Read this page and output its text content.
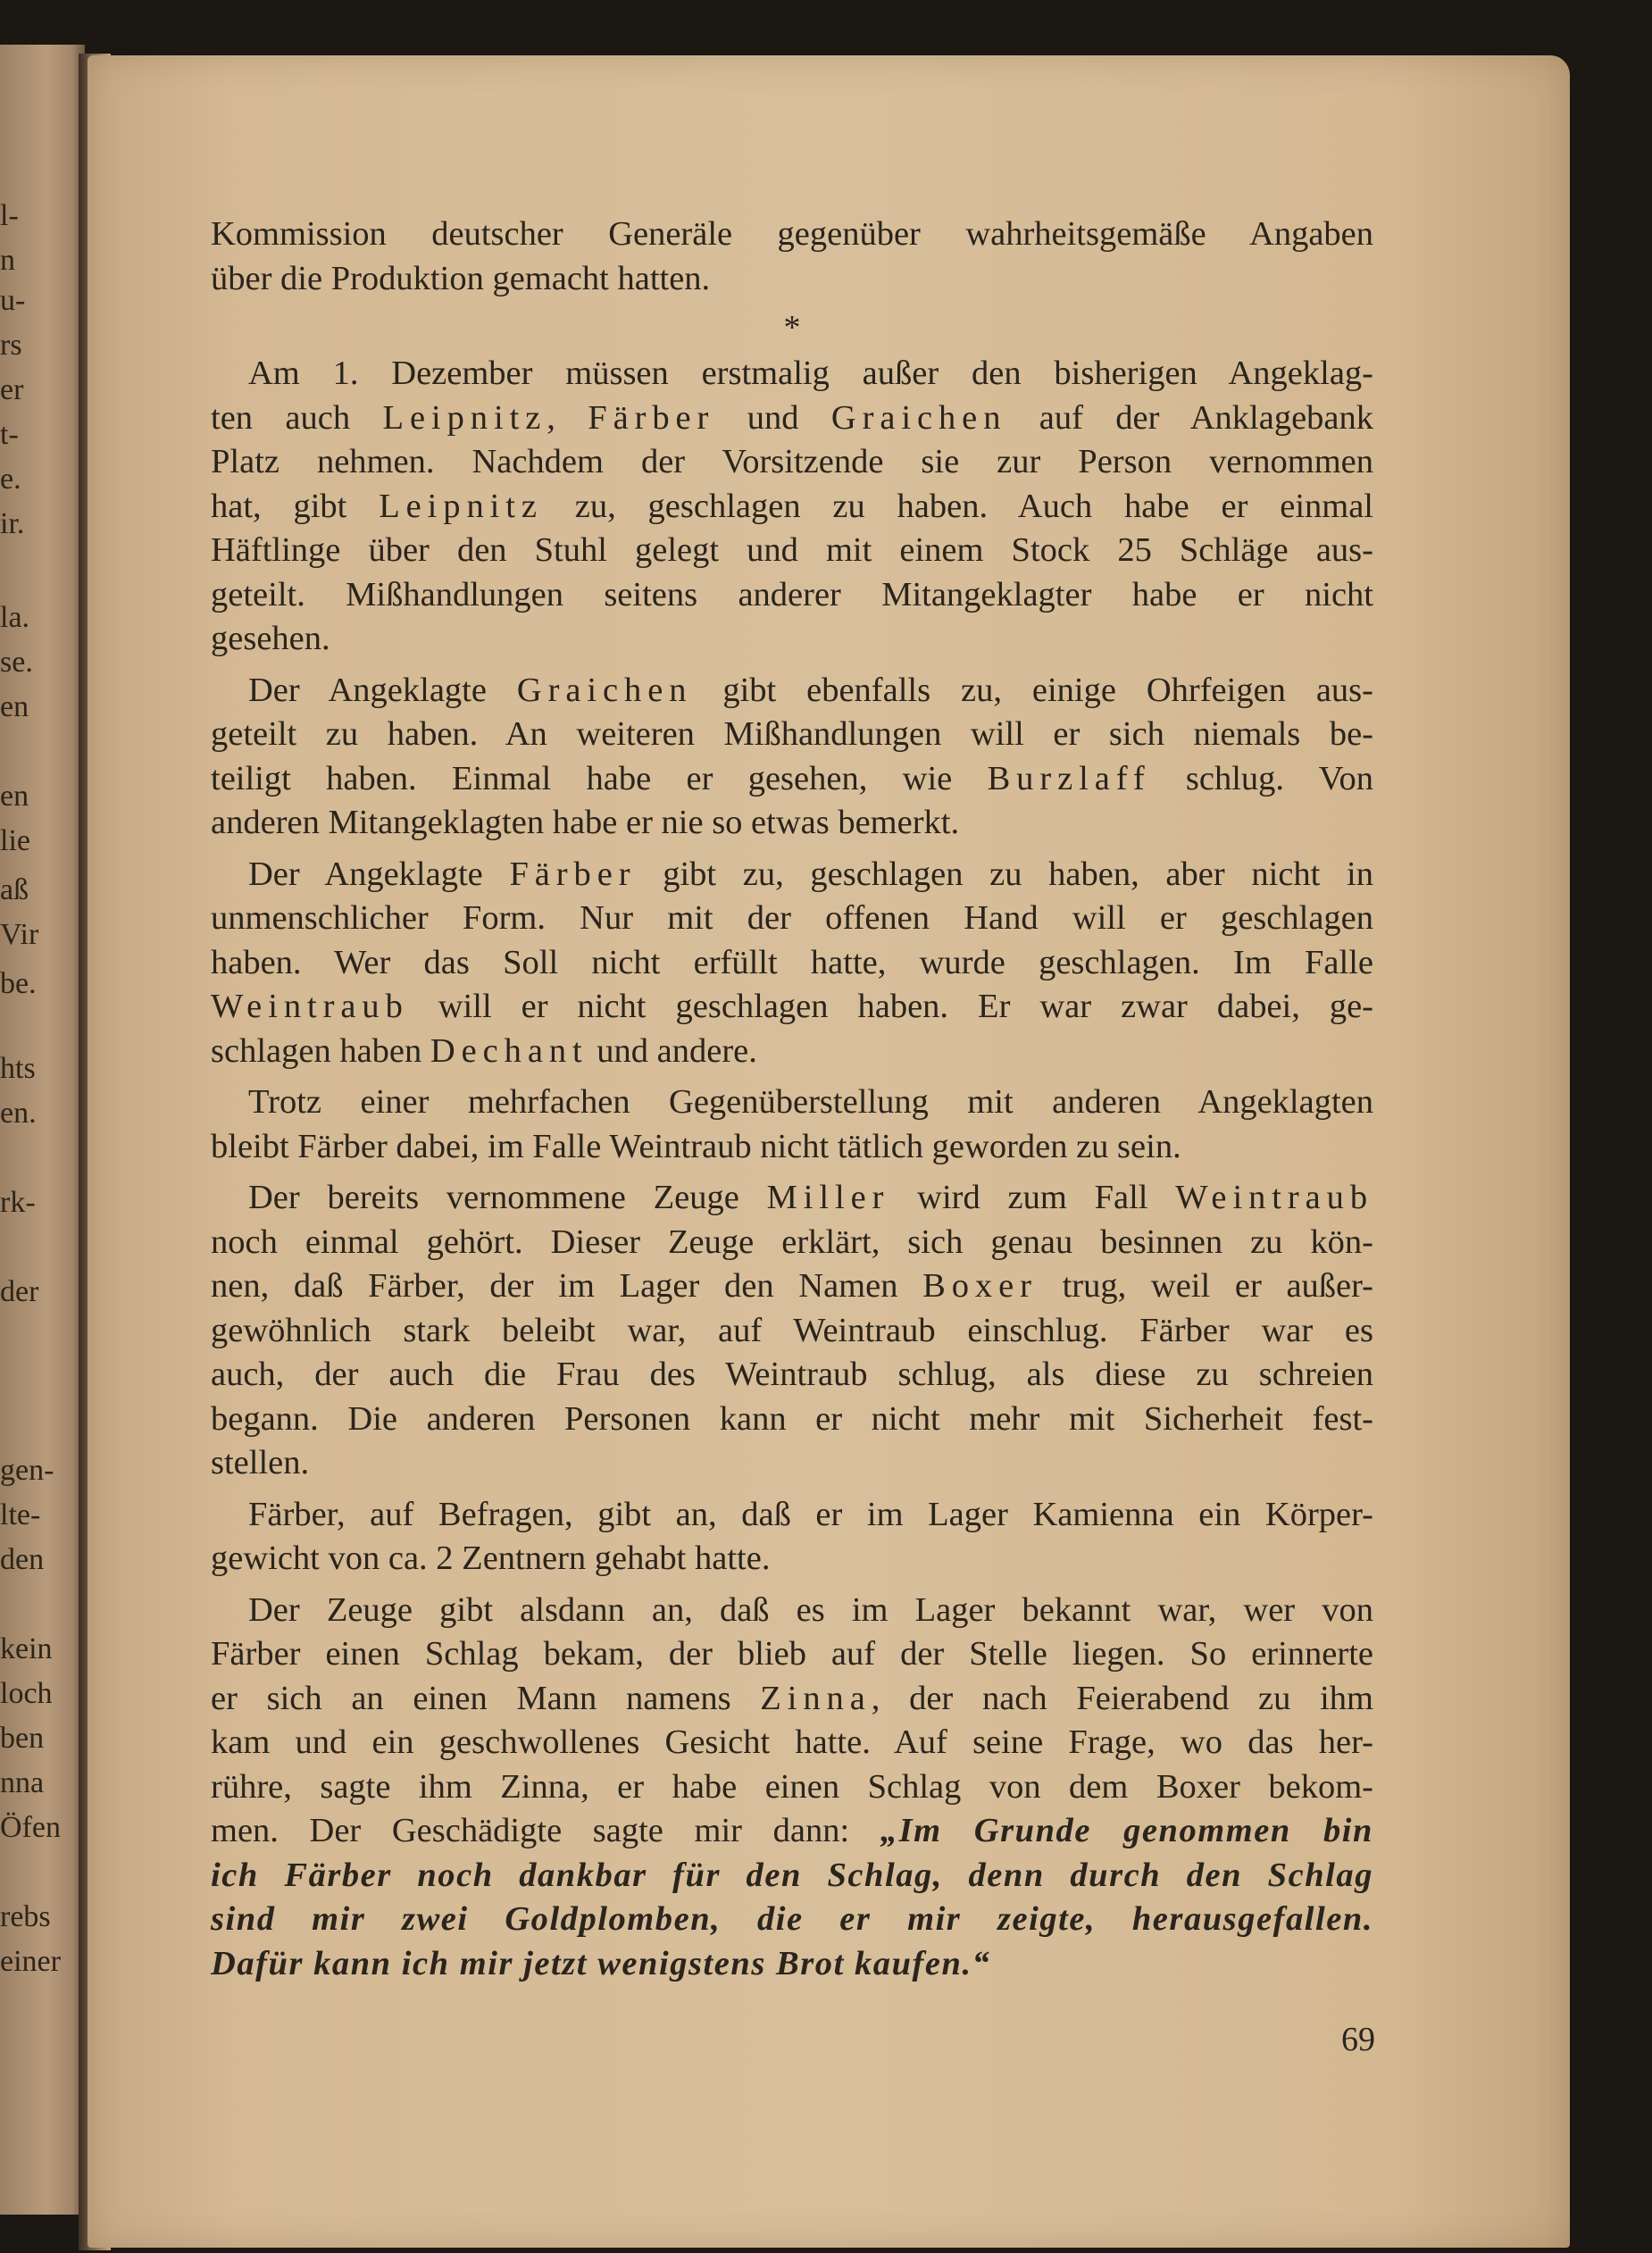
l-

n

u-

rs

er

t-

e.

ir.

la.

se.

en

en

lie

aß

Vir

be.

hts

en.

rk-

der

gen-

lte-

den

kein

loch

ben

nna

Öfen

rebs

einer

Kommission deutscher Generäle gegenüber wahrheitsgemäße Angaben

über die Produktion gemacht hatten.

*

Am 1. Dezember müssen erstmalig außer den bisherigen Angeklag-

ten auch Leipnitz, Färber und Graichen auf der Anklagebank

Platz nehmen. Nachdem der Vorsitzende sie zur Person vernommen

hat, gibt Leipnitz zu, geschlagen zu haben. Auch habe er einmal

Häftlinge über den Stuhl gelegt und mit einem Stock 25 Schläge aus-

geteilt. Mißhandlungen seitens anderer Mitangeklagter habe er nicht

gesehen.

Der Angeklagte Graichen gibt ebenfalls zu, einige Ohrfeigen aus-

geteilt zu haben. An weiteren Mißhandlungen will er sich niemals be-

teiligt haben. Einmal habe er gesehen, wie Burzlaff schlug. Von

anderen Mitangeklagten habe er nie so etwas bemerkt.

Der Angeklagte Färber gibt zu, geschlagen zu haben, aber nicht in

unmenschlicher Form. Nur mit der offenen Hand will er geschlagen

haben. Wer das Soll nicht erfüllt hatte, wurde geschlagen. Im Falle

Weintraub will er nicht geschlagen haben. Er war zwar dabei, ge-

schlagen haben Dechant und andere.

Trotz einer mehrfachen Gegenüberstellung mit anderen Angeklagten

bleibt Färber dabei, im Falle Weintraub nicht tätlich geworden zu sein.

Der bereits vernommene Zeuge Miller wird zum Fall Weintraub

noch einmal gehört. Dieser Zeuge erklärt, sich genau besinnen zu kön-

nen, daß Färber, der im Lager den Namen Boxer trug, weil er außer-

gewöhnlich stark beleibt war, auf Weintraub einschlug. Färber war es

auch, der auch die Frau des Weintraub schlug, als diese zu schreien

begann. Die anderen Personen kann er nicht mehr mit Sicherheit fest-

stellen.

Färber, auf Befragen, gibt an, daß er im Lager Kamienna ein Körper-

gewicht von ca. 2 Zentnern gehabt hatte.

Der Zeuge gibt alsdann an, daß es im Lager bekannt war, wer von

Färber einen Schlag bekam, der blieb auf der Stelle liegen. So erinnerte

er sich an einen Mann namens Zinna, der nach Feierabend zu ihm

kam und ein geschwollenes Gesicht hatte. Auf seine Frage, wo das her-

rühre, sagte ihm Zinna, er habe einen Schlag von dem Boxer bekom-

men. Der Geschädigte sagte mir dann: „Im Grunde genommen bin

ich Färber noch dankbar für den Schlag, denn durch den Schlag

sind mir zwei Goldplomben, die er mir zeigte, herausgefallen.

Dafür kann ich mir jetzt wenigstens Brot kaufen.“

69
